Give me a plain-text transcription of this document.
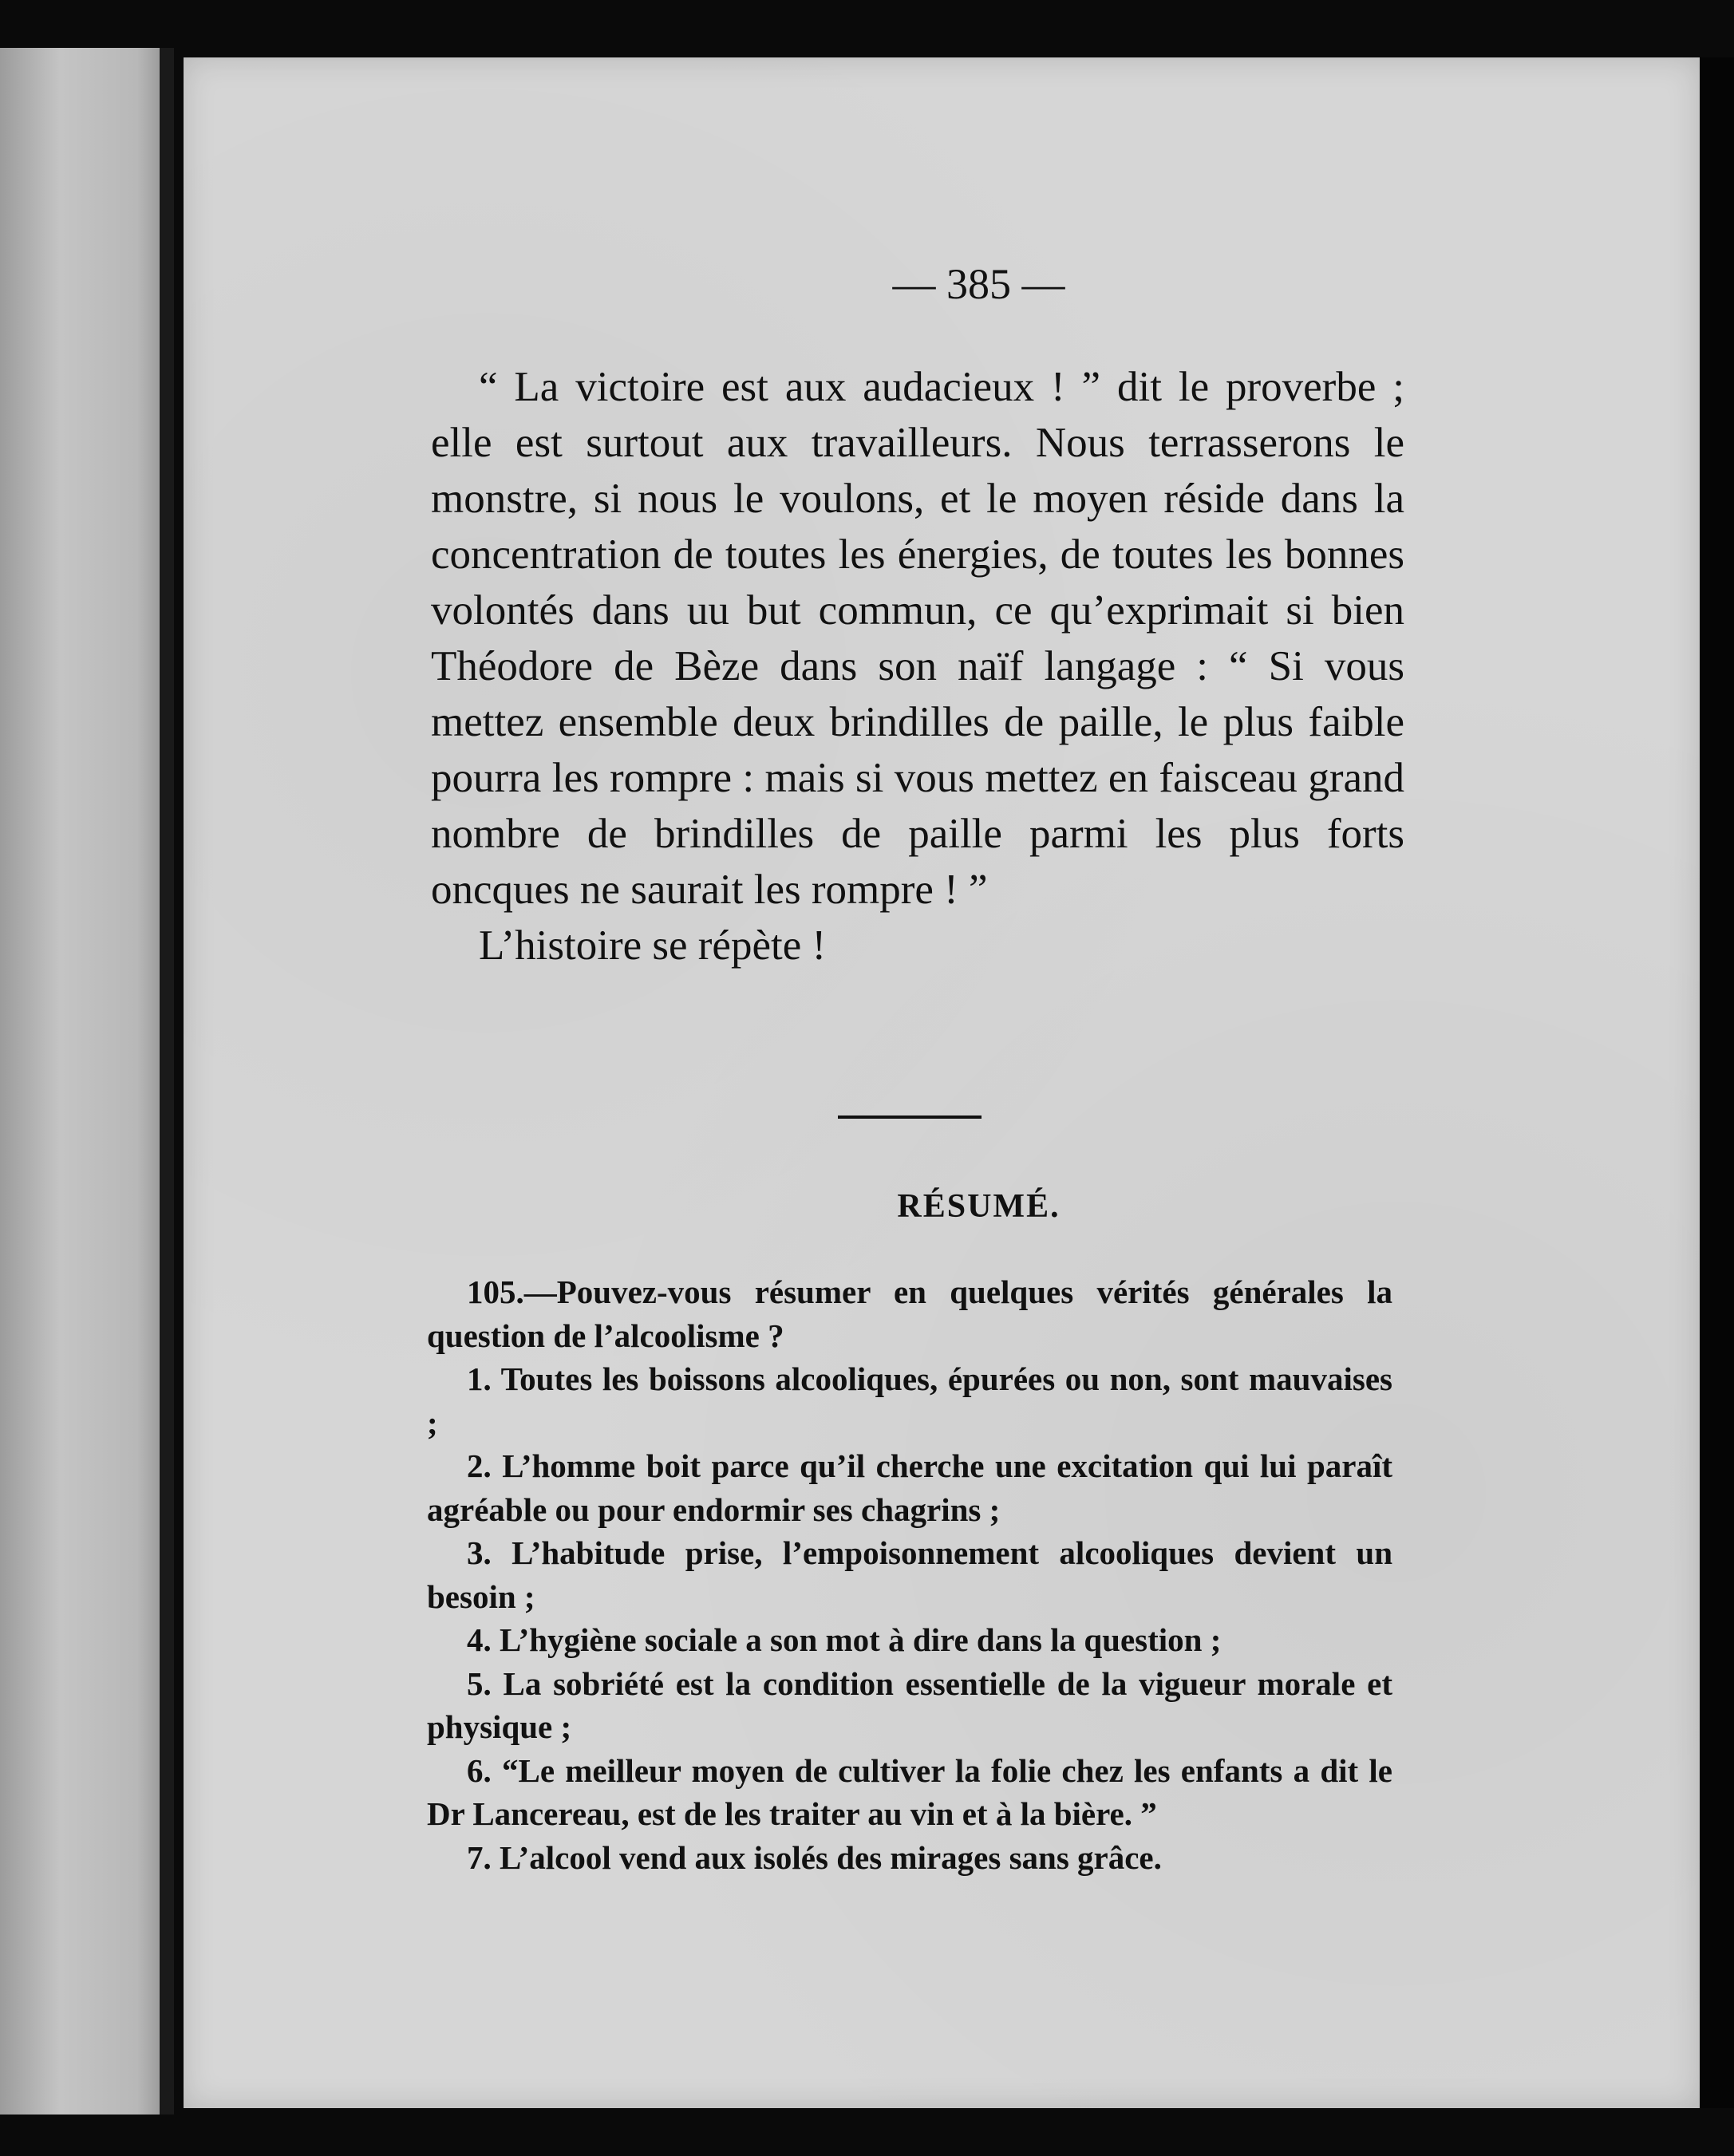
— 385 —

“ La victoire est aux audacieux ! ” dit le proverbe ; elle est surtout aux travailleurs. Nous terrasserons le monstre, si nous le voulons, et le moyen réside dans la concentration de toutes les énergies, de toutes les bonnes volontés dans uu but commun, ce qu’exprimait si bien Théodore de Bèze dans son naïf langage : “ Si vous mettez ensemble deux brindilles de paille, le plus faible pourra les rompre : mais si vous mettez en faisceau grand nombre de brindilles de paille parmi les plus forts oncques ne saurait les rompre ! ”

L’histoire se répète !

RÉSUMÉ.

105.—Pouvez-vous résumer en quelques vérités générales la question de l’alcoolisme ?

1. Toutes les boissons alcooliques, épurées ou non, sont mauvaises ;

2. L’homme boit parce qu’il cherche une excitation qui lui paraît agréable ou pour endormir ses chagrins ;

3. L’habitude prise, l’empoisonnement alcooliques devient un besoin ;

4. L’hygiène sociale a son mot à dire dans la question ;

5. La sobriété est la condition essentielle de la vigueur morale et physique ;

6. “Le meilleur moyen de cultiver la folie chez les enfants a dit le Dr Lancereau, est de les traiter au vin et à la bière. ”

7. L’alcool vend aux isolés des mirages sans grâce.
